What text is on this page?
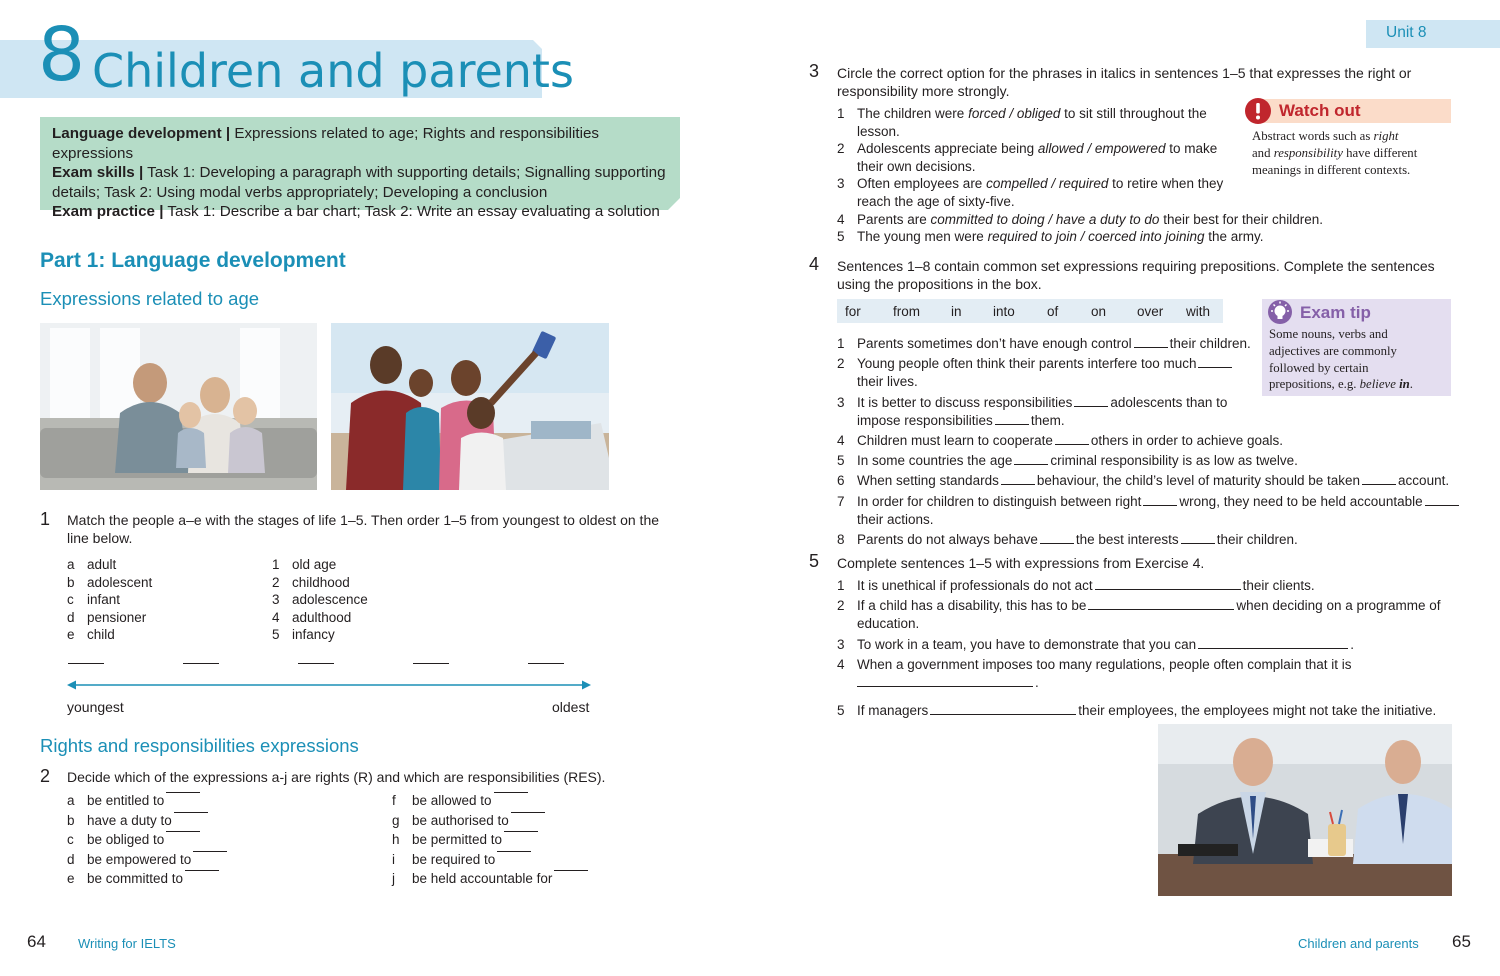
8 Children and parents
Language development | Expressions related to age; Rights and responsibilities expressions
Exam skills | Task 1: Developing a paragraph with supporting details; Signalling supporting details; Task 2: Using modal verbs appropriately; Developing a conclusion
Exam practice | Task 1: Describe a bar chart; Task 2: Write an essay evaluating a solution
Part 1: Language development
Expressions related to age
1 Match the people a–e with the stages of life 1–5. Then order 1–5 from youngest to oldest on the line below.
a adult
b adolescent
c infant
d pensioner
e child
1 old age
2 childhood
3 adolescence
4 adulthood
5 infancy
youngest	oldest
Rights and responsibilities expressions
2 Decide which of the expressions a-j are rights (R) and which are responsibilities (RES).
a be entitled to
b have a duty to
c be obliged to
d be empowered to
e be committed to
f	be allowed to
g be authorised to
h be permitted to
i	be required to
j	be held accountable for
64 Writing for IELTS
Unit 8
3 Circle the correct option for the phrases in italics in sentences 1–5 that expresses the right or responsibility more strongly.
1 The children were forced / obliged to sit still throughout the
lesson.
2 Adolescents appreciate being allowed / empowered to make
their own decisions.
3 Often employees are compelled / required to retire when they
reach the age of sixty-five.
4 Parents are committed to doing / have a duty to do their best for their children.
5 The young men were required to join / coerced into joining the army.
Watch out
Abstract words such as right
and responsibility have different
meanings in different contexts.
4 Sentences 1–8 contain common set expressions requiring prepositions. Complete the sentences using the propositions in the box.
for from in into of on over with	Exam tip
Some nouns, verbs and
adjectives are commonly
followed by certain
prepositions, e.g. believe in.
1 Parents sometimes don’t have enough control	their children.
2 Young people often think their parents interfere too much
their lives.
3 It is better to discuss responsibilities	adolescents than to
impose responsibilities	them.
4 Children must learn to cooperate	others in order to achieve goals.
5 In some countries the age	criminal responsibility is as low as twelve.
6 When setting standards	behaviour, the child’s level of maturity should be taken	account.
7 In order for children to distinguish between right	wrong, they need to be held accountable
their actions.
8 Parents do not always behave	the best interests	their children.
5 Complete sentences 1–5 with expressions from Exercise 4.
1 It is unethical if professionals do not act	their clients.
2 If a child has a disability, this has to be	when deciding on a programme of
education.
3 To work in a team, you have to demonstrate that you can	.
4 When a government imposes too many regulations, people often complain that it is
.
5 If managers	their employees, the employees might not take the initiative.
Children and parents 65
